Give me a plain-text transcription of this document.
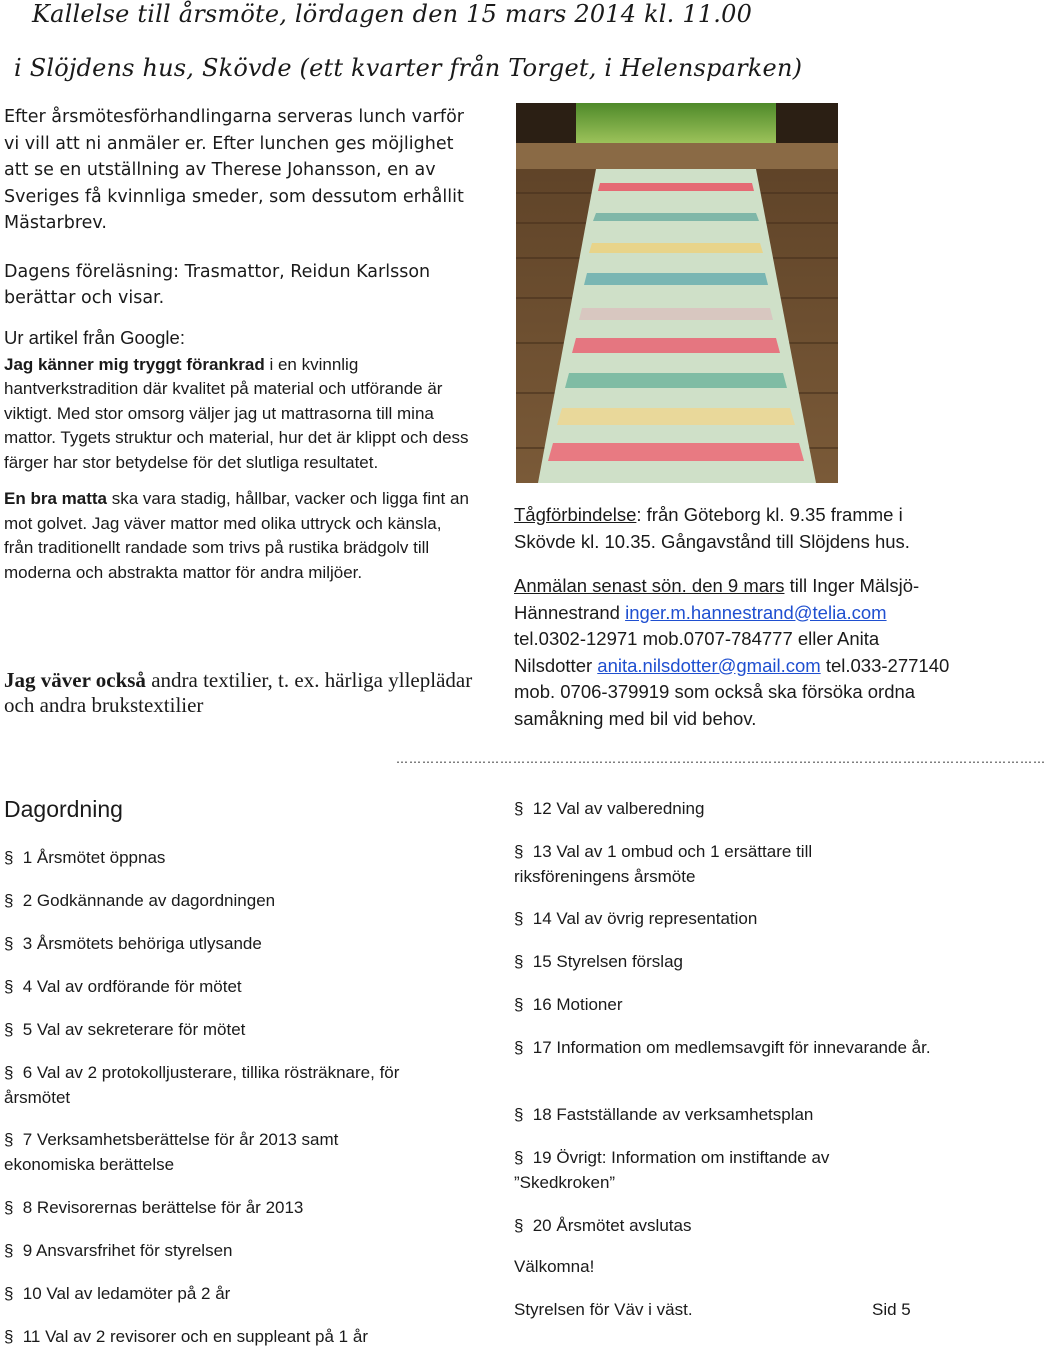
Kallelse till årsmöte, lördagen den 15 mars 2014 kl. 11.00
i Slöjdens hus, Skövde (ett kvarter från Torget, i Helensparken)

Efter årsmötesförhandlingarna serveras lunch varför vi vill att ni anmäler er. Efter lunchen ges möjlighet att se en utställning av Therese Johansson, en av Sveriges få kvinnliga smeder, som dessutom erhållit Mästarbrev.

Dagens föreläsning: Trasmattor, Reidun Karlsson berättar och visar.

Ur artikel från Google:

Jag känner mig tryggt förankrad i en kvinnlig hantverkstradition där kvalitet på material och utförande är viktigt. Med stor omsorg väljer jag ut mattrasorna till mina mattor. Tygets struktur och material, hur det är klippt och dess färger har stor betydelse för det slutliga resultatet.

En bra matta ska vara stadig, hållbar, vacker och ligga fint an mot golvet. Jag väver mattor med olika uttryck och känsla, från traditionellt randade som trivs på rustika brädgolv till moderna och abstrakta mattor för andra miljöer.

Jag väver också andra textilier, t. ex. härliga ylleplädar och andra brukstextilier

Tågförbindelse: från Göteborg kl. 9.35 framme i Skövde kl. 10.35. Gångavstånd till Slöjdens hus.

Anmälan senast sön. den 9 mars till Inger Mälsjö-Hännestrand inger.m.hannestrand@telia.com tel.0302-12971 mob.0707-784777 eller Anita Nilsdotter anita.nilsdotter@gmail.com tel.033-277140 mob. 0706-379919 som också ska försöka ordna samåkning med bil vid behov.

……………………………………………………………………………………………………………………………………
Dagordning
§ 1 Årsmötet öppnas
§ 2 Godkännande av dagordningen
§ 3 Årsmötets behöriga utlysande
§ 4 Val av ordförande för mötet
§ 5 Val av sekreterare för mötet
§ 6 Val av 2 protokolljusterare, tillika rösträknare, för årsmötet
§ 7 Verksamhetsberättelse för år 2013 samt ekonomiska berättelse
§ 8 Revisorernas berättelse för år 2013
§ 9 Ansvarsfrihet för styrelsen
§ 10 Val av ledamöter på 2 år
§ 11 Val av 2 revisorer och en suppleant på 1 år
§ 12 Val av valberedning
§ 13 Val av 1 ombud och 1 ersättare till riksföreningens årsmöte
§ 14 Val av övrig representation
§ 15 Styrelsen förslag
§ 16 Motioner
§ 17 Information om medlemsavgift för innevarande år.
§ 18 Fastställande av verksamhetsplan
§ 19 Övrigt: Information om instiftande av ”Skedkroken”
§ 20 Årsmötet avslutas
Välkomna!
Styrelsen för Väv i väst.	Sid 5
